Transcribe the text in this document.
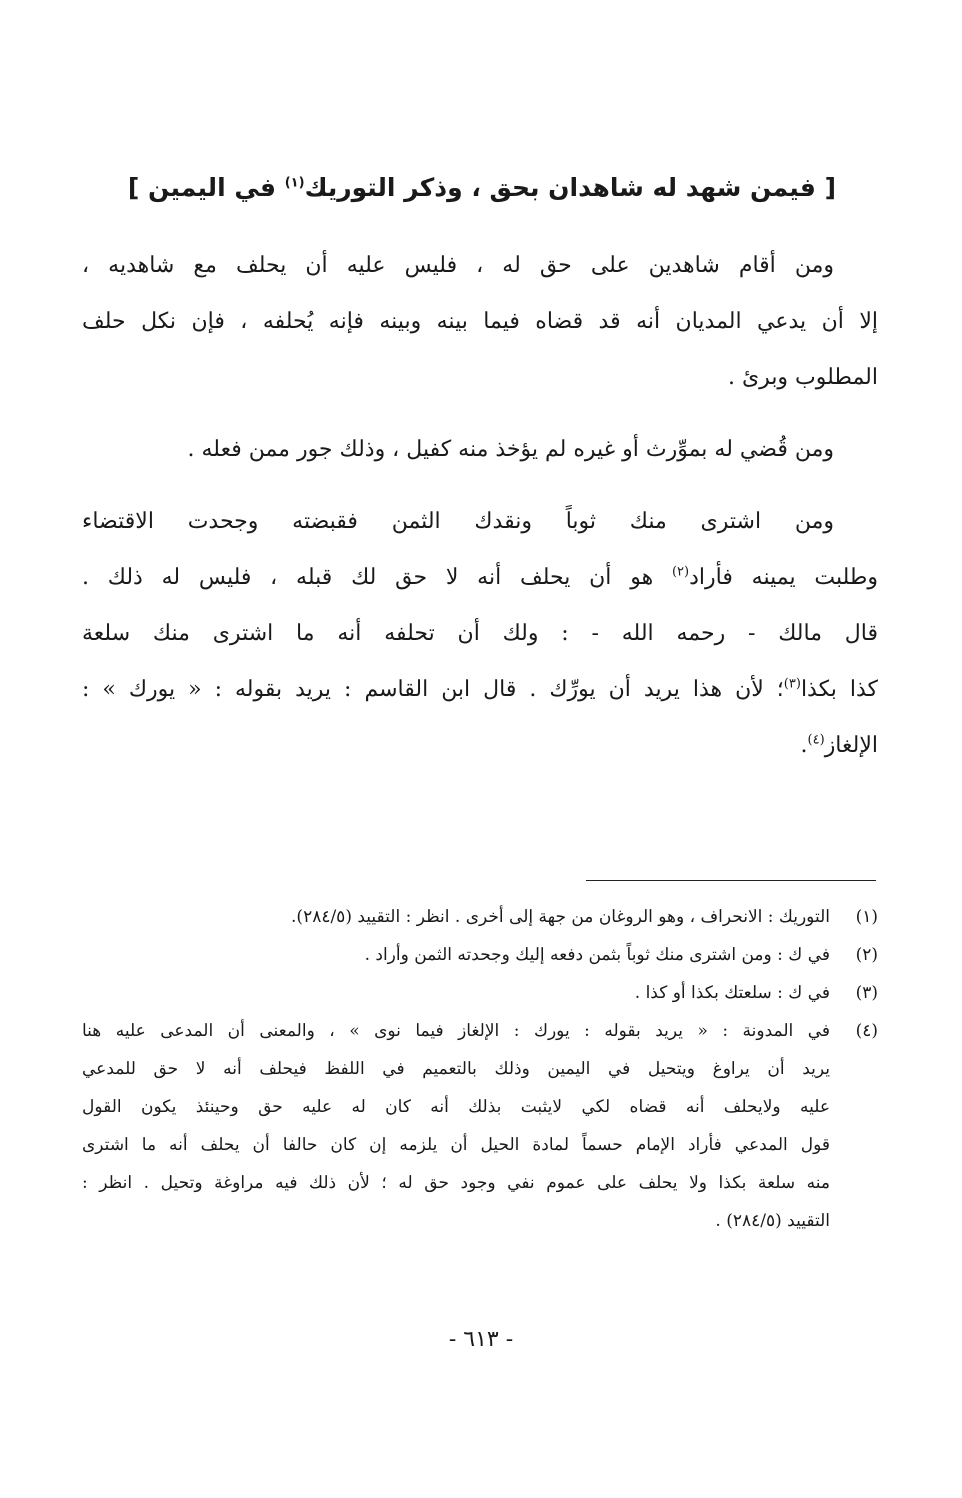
[ فيمن شهد له شاهدان بحق ، وذكر التوريك$^{(١)}$ في اليمين ]

ومن أقام شاهدين على حق له ، فليس عليه أن يحلف مع شاهديه ،
إلا أن يدعي المديان أنه قد قضاه فيما بينه وبينه فإنه يُحلفه ، فإن نكل حلف
المطلوب وبرئ .

ومن قُضي له بموِّرث أو غيره لم يؤخذ منه كفيل ، وذلك جور ممن فعله .

ومن اشترى منك ثوباً ونقدك الثمن فقبضته وجحدت الاقتضاء
وطلبت يمينه فأراد$^{(٢)}$ هو أن يحلف أنه لا حق لك قبله ، فليس له ذلك .
قال مالك - رحمه الله - : ولك أن تحلفه أنه ما اشترى منك سلعة
كذا بكذا$^{(٣)}$؛ لأن هذا يريد أن يورِّك . قال ابن القاسم : يريد بقوله : « يورك » :
الإلغاز$^{(٤)}$.

(١)
التوريك : الانحراف ، وهو الروغان من جهة إلى أخرى . انظر : التقييد (٢٨٤/٥).
(٢)
في ك : ومن اشترى منك ثوباً بثمن دفعه إليك وجحدته الثمن وأراد .
(٣)
في ك : سلعتك بكذا أو كذا .
(٤)
في المدونة : « يريد بقوله : يورك : الإلغاز فيما نوى » ، والمعنى أن المدعى عليه هنا
يريد أن يراوغ ويتحيل في اليمين وذلك بالتعميم في اللفظ فيحلف أنه لا حق للمدعي
عليه ولايحلف أنه قضاه لكي لايثبت بذلك أنه كان له عليه حق وحينئذ يكون القول
قول المدعي فأراد الإمام حسماً لمادة الحيل أن يلزمه إن كان حالفا أن يحلف أنه ما اشترى
منه سلعة بكذا ولا يحلف على عموم نفي وجود حق له ؛ لأن ذلك فيه مراوغة وتحيل . انظر :
التقييد (٢٨٤/٥) .
- ٦١٣ -
